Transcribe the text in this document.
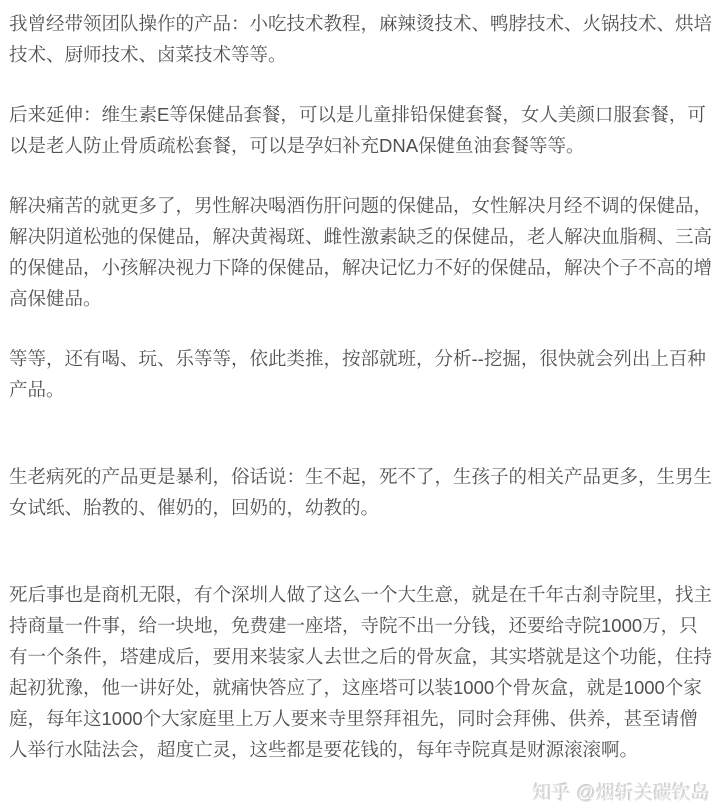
我曾经带领团队操作的产品：小吃技术教程，麻辣烫技术、鸭脖技术、火锅技术、烘培技术、厨师技术、卤菜技术等等。

后来延伸：维生素E等保健品套餐，可以是儿童排铅保健套餐，女人美颜口服套餐，可以是老人防止骨质疏松套餐，可以是孕妇补充DNA保健鱼油套餐等等。

解决痛苦的就更多了，男性解决喝酒伤肝问题的保健品，女性解决月经不调的保健品，解决阴道松弛的保健品，解决黄褐斑、雌性激素缺乏的保健品，老人解决血脂稠、三高的保健品，小孩解决视力下降的保健品，解决记忆力不好的保健品，解决个子不高的增高保健品。

等等，还有喝、玩、乐等等，依此类推，按部就班，分析--挖掘，很快就会列出上百种产品。

生老病死的产品更是暴利，俗话说：生不起，死不了，生孩子的相关产品更多，生男生女试纸、胎教的、催奶的，回奶的，幼教的。

死后事也是商机无限，有个深圳人做了这么一个大生意，就是在千年古刹寺院里，找主持商量一件事，给一块地，免费建一座塔，寺院不出一分钱，还要给寺院1000万，只有一个条件，塔建成后，要用来装家人去世之后的骨灰盒，其实塔就是这个功能，住持起初犹豫，他一讲好处，就痛快答应了，这座塔可以装1000个骨灰盒，就是1000个家庭，每年这1000个大家庭里上万人要来寺里祭拜祖先，同时会拜佛、供养，甚至请僧人举行水陆法会，超度亡灵，这些都是要花钱的，每年寺院真是财源滚滚啊。

知乎 @烟斩关碳钦岛
